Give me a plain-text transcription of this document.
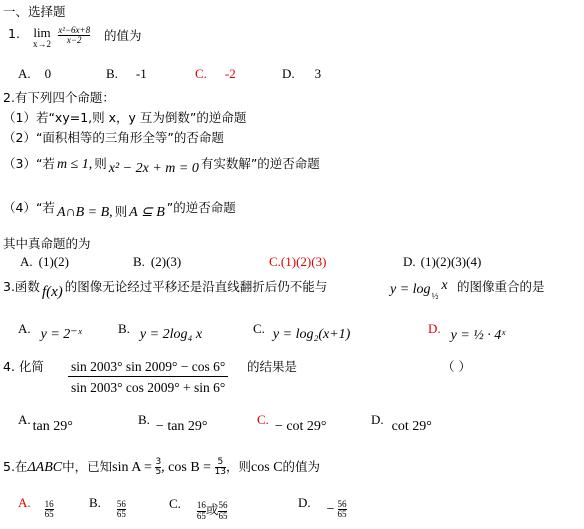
一、选择题
1. lim
x→2
$\frac{\text{x²−6x+8}}{x-2}$ 的值为
A. 0	B. -1	C. -2	D. 3
2.有下列四个命题：
（1）若“xy=1,则 x，y 互为倒数”的逆命题
（2）“面积相等的三角形全等”的否命题
（3）“若 m ≤ 1, 则 x² − 2x + m = 0 有实数解”的逆否命题
（4）“若 A∩B = B, 则 A ⊆ B ”的逆否命题
其中真命题的为
A. (1)(2)	B. (2)(3)	C.(1)(2)(3)	D. (1)(2)(3)(4)
3.函数 f(x) 的图像无论经过平移还是沿直线翻折后仍不能与	$y = \log_{\frac{1}{2}}x$ 的图像重合的是
A. y = 2⁻ˣ	B. y = 2log₄ x	C. y = log₂(x+1)	D. y = ½ · 4ˣ
4. 化简 $\frac{\sin 2003^\circ \sin 2009^\circ - \cos 6^\circ}{\sin 2003^\circ \cos 2009^\circ + \sin 6^\circ}$ 的结果是	（ ）
A. tan 29°	B. − tan 29°	C. − cot 29°	D. cot 29°
5.在ΔABC中，已知$\sin A = \frac{3}{5}$ , $\cos B = \frac{5}{13}$ ，则cos C的值为
A. $\frac{16}{65}$	B. $\frac{56}{65}$	C. $\frac{16}{65}$ 或 $\frac{56}{65}$	D. − $\frac{56}{65}$
